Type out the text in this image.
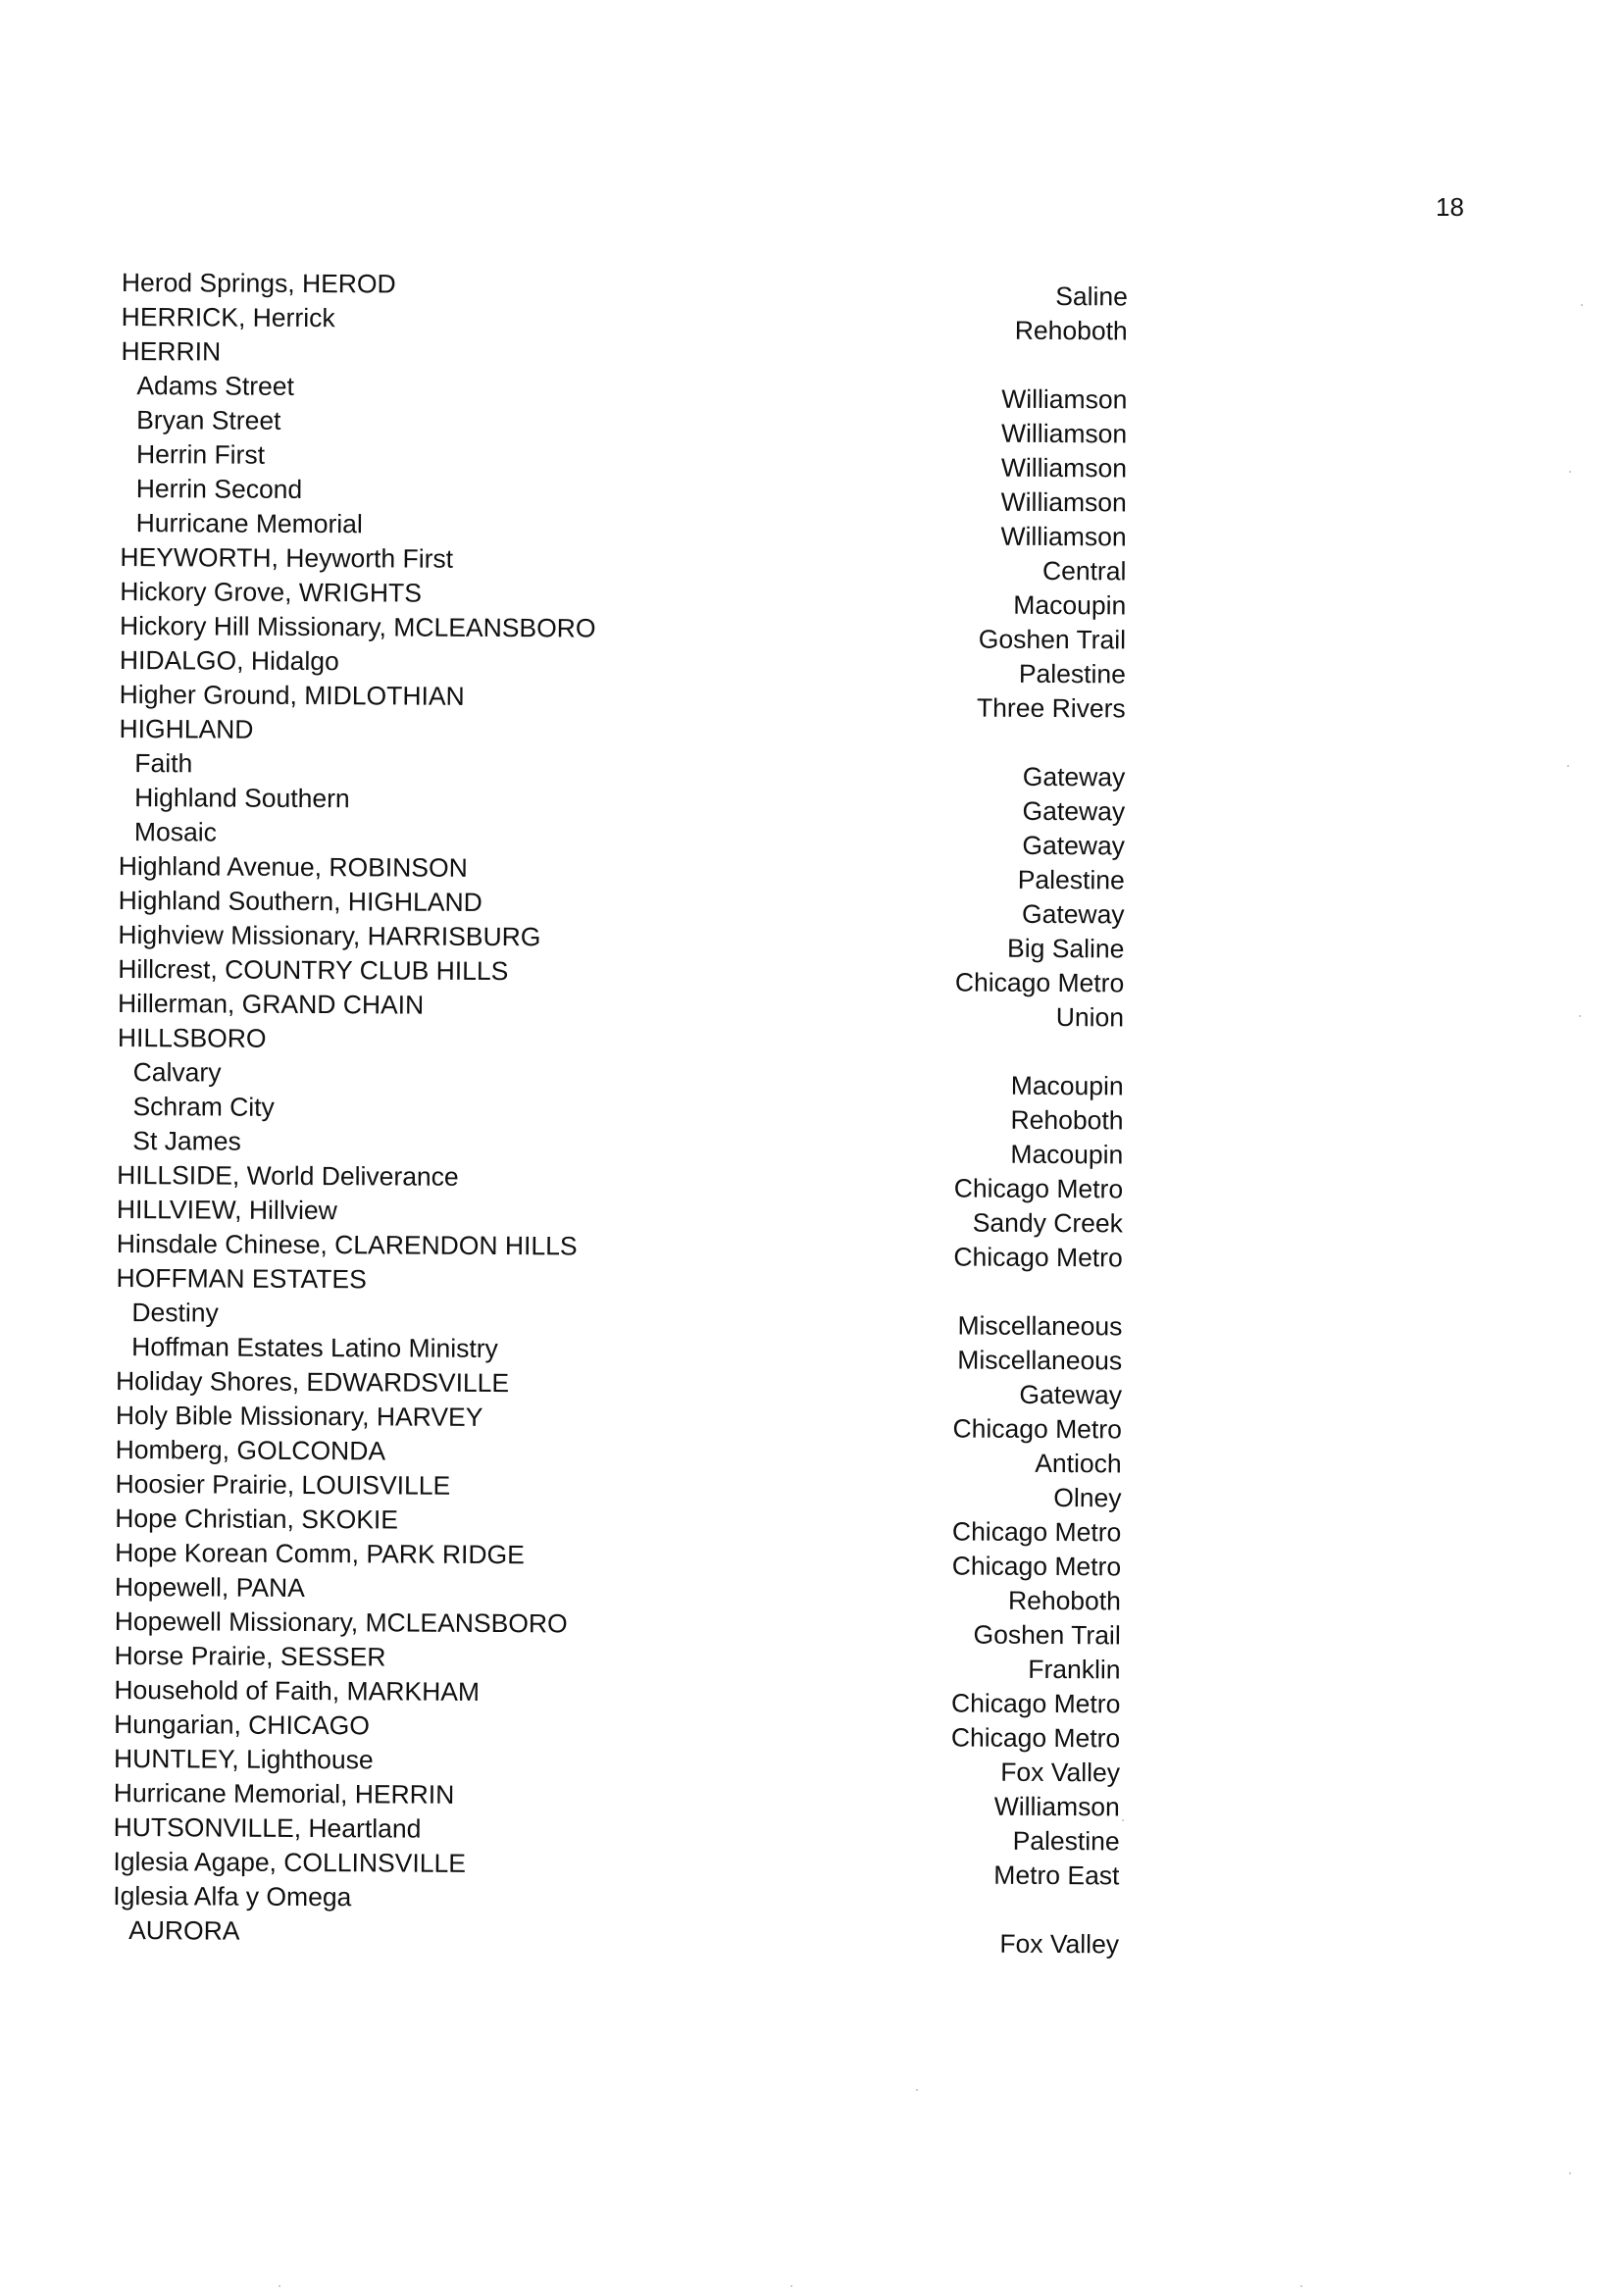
18
Herod Springs, HEROD
HERRICK, Herrick
HERRIN
Adams Street
Bryan Street
Herrin First
Herrin Second
Hurricane Memorial
HEYWORTH, Heyworth First
Hickory Grove, WRIGHTS
Hickory Hill Missionary, MCLEANSBORO
HIDALGO, Hidalgo
Higher Ground, MIDLOTHIAN
HIGHLAND
Faith
Highland Southern
Mosaic
Highland Avenue, ROBINSON
Highland Southern, HIGHLAND
Highview Missionary, HARRISBURG
Hillcrest, COUNTRY CLUB HILLS
Hillerman, GRAND CHAIN
HILLSBORO
Calvary
Schram City
St James
HILLSIDE, World Deliverance
HILLVIEW, Hillview
Hinsdale Chinese, CLARENDON HILLS
HOFFMAN ESTATES
Destiny
Hoffman Estates Latino Ministry
Holiday Shores, EDWARDSVILLE
Holy Bible Missionary, HARVEY
Homberg, GOLCONDA
Hoosier Prairie, LOUISVILLE
Hope Christian, SKOKIE
Hope Korean Comm, PARK RIDGE
Hopewell, PANA
Hopewell Missionary, MCLEANSBORO
Horse Prairie, SESSER
Household of Faith, MARKHAM
Hungarian, CHICAGO
HUNTLEY, Lighthouse
Hurricane Memorial, HERRIN
HUTSONVILLE, Heartland
Iglesia Agape, COLLINSVILLE
Iglesia Alfa y Omega
AURORA
Saline
Rehoboth
Williamson
Williamson
Williamson
Williamson
Williamson
Central
Macoupin
Goshen Trail
Palestine
Three Rivers
Gateway
Gateway
Gateway
Palestine
Gateway
Big Saline
Chicago Metro
Union
Macoupin
Rehoboth
Macoupin
Chicago Metro
Sandy Creek
Chicago Metro
Miscellaneous
Miscellaneous
Gateway
Chicago Metro
Antioch
Olney
Chicago Metro
Chicago Metro
Rehoboth
Goshen Trail
Franklin
Chicago Metro
Chicago Metro
Fox Valley
Williamson
Palestine
Metro East
Fox Valley
